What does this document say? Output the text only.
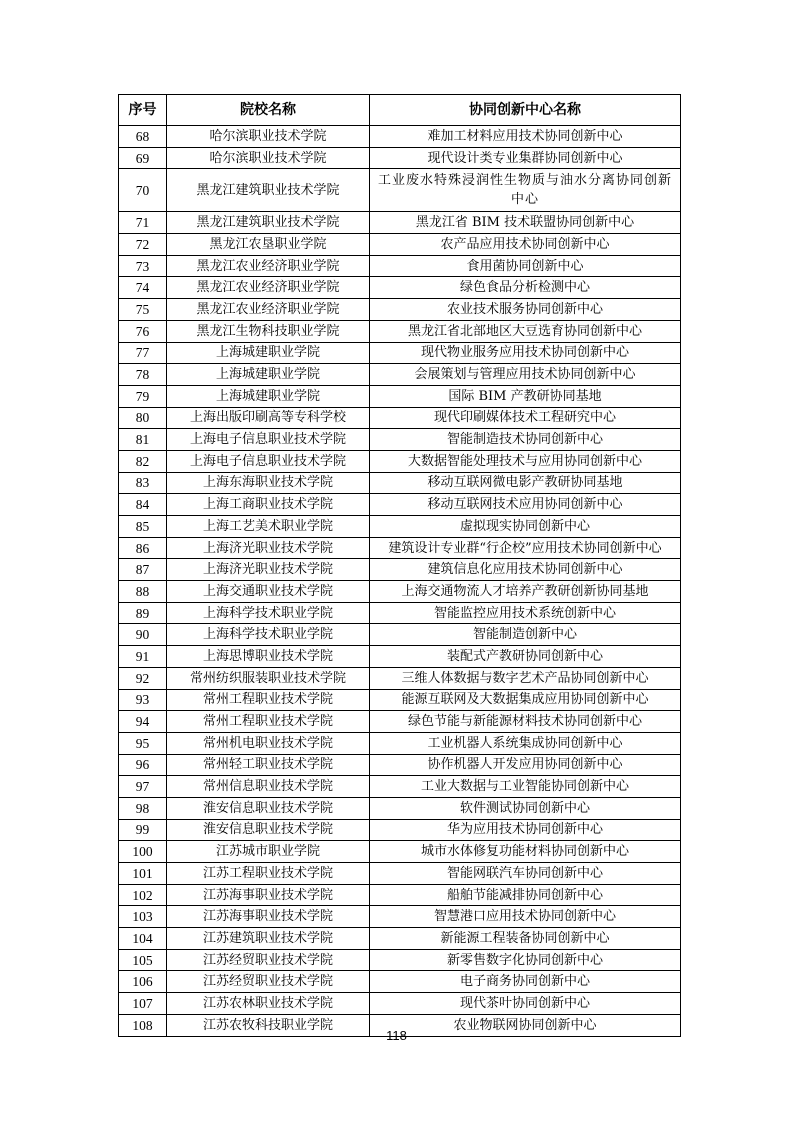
序号	院校名称	协同创新中心名称
68	哈尔滨职业技术学院	难加工材料应用技术协同创新中心
69	哈尔滨职业技术学院	现代设计类专业集群协同创新中心
70	黑龙江建筑职业技术学院	工业废水特殊浸润性生物质与油水分离协同创新中心
71	黑龙江建筑职业技术学院	黑龙江省 BIM 技术联盟协同创新中心
72	黑龙江农垦职业学院	农产品应用技术协同创新中心
73	黑龙江农业经济职业学院	食用菌协同创新中心
74	黑龙江农业经济职业学院	绿色食品分析检测中心
75	黑龙江农业经济职业学院	农业技术服务协同创新中心
76	黑龙江生物科技职业学院	黑龙江省北部地区大豆选育协同创新中心
77	上海城建职业学院	现代物业服务应用技术协同创新中心
78	上海城建职业学院	会展策划与管理应用技术协同创新中心
79	上海城建职业学院	国际 BIM 产教研协同基地
80	上海出版印刷高等专科学校	现代印刷媒体技术工程研究中心
81	上海电子信息职业技术学院	智能制造技术协同创新中心
82	上海电子信息职业技术学院	大数据智能处理技术与应用协同创新中心
83	上海东海职业技术学院	移动互联网微电影产教研协同基地
84	上海工商职业技术学院	移动互联网技术应用协同创新中心
85	上海工艺美术职业学院	虚拟现实协同创新中心
86	上海济光职业技术学院	建筑设计专业群“行企校”应用技术协同创新中心
87	上海济光职业技术学院	建筑信息化应用技术协同创新中心
88	上海交通职业技术学院	上海交通物流人才培养产教研创新协同基地
89	上海科学技术职业学院	智能监控应用技术系统创新中心
90	上海科学技术职业学院	智能制造创新中心
91	上海思博职业技术学院	装配式产教研协同创新中心
92	常州纺织服装职业技术学院	三维人体数据与数字艺术产品协同创新中心
93	常州工程职业技术学院	能源互联网及大数据集成应用协同创新中心
94	常州工程职业技术学院	绿色节能与新能源材料技术协同创新中心
95	常州机电职业技术学院	工业机器人系统集成协同创新中心
96	常州轻工职业技术学院	协作机器人开发应用协同创新中心
97	常州信息职业技术学院	工业大数据与工业智能协同创新中心
98	淮安信息职业技术学院	软件测试协同创新中心
99	淮安信息职业技术学院	华为应用技术协同创新中心
100	江苏城市职业学院	城市水体修复功能材料协同创新中心
101	江苏工程职业技术学院	智能网联汽车协同创新中心
102	江苏海事职业技术学院	船舶节能减排协同创新中心
103	江苏海事职业技术学院	智慧港口应用技术协同创新中心
104	江苏建筑职业技术学院	新能源工程装备协同创新中心
105	江苏经贸职业技术学院	新零售数字化协同创新中心
106	江苏经贸职业技术学院	电子商务协同创新中心
107	江苏农林职业技术学院	现代茶叶协同创新中心
108	江苏农牧科技职业学院	农业物联网协同创新中心
118
